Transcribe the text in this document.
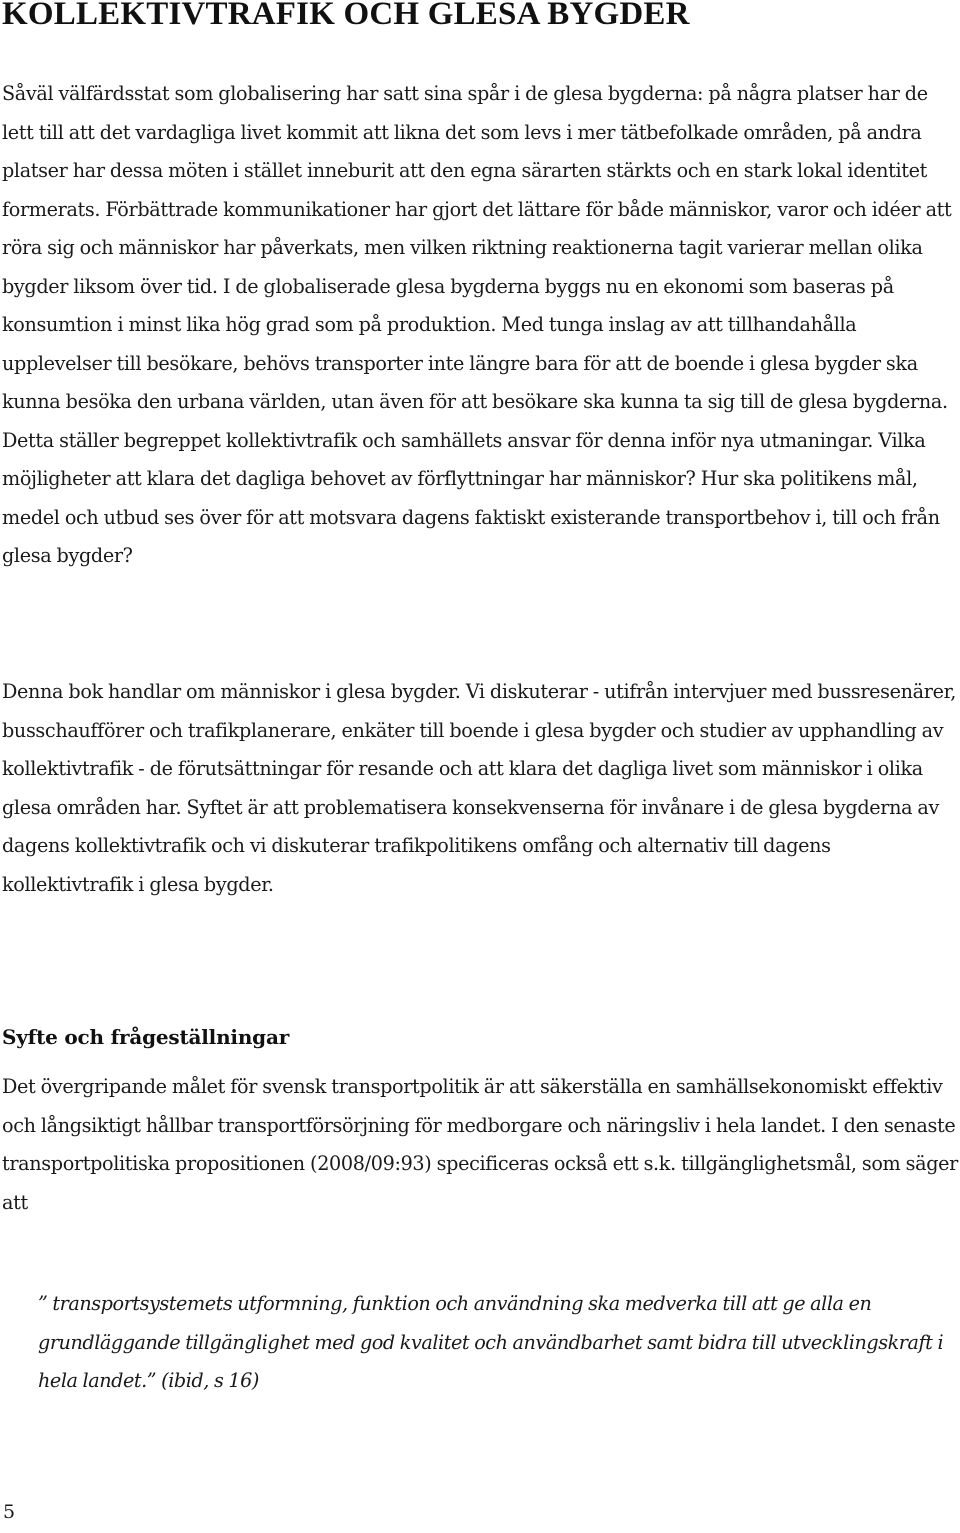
KOLLEKTIVTRAFIK OCH GLESA BYGDER

Såväl välfärdsstat som globalisering har satt sina spår i de glesa bygderna: på några platser har de lett till att det vardagliga livet kommit att likna det som levs i mer tätbefolkade områden, på andra platser har dessa möten i stället inneburit att den egna särarten stärkts och en stark lokal identitet formerats. Förbättrade kommunikationer har gjort det lättare för både människor, varor och idéer att röra sig och människor har påverkats, men vilken riktning reaktionerna tagit varierar mellan olika bygder liksom över tid. I de globaliserade glesa bygderna byggs nu en ekonomi som baseras på konsumtion i minst lika hög grad som på produktion. Med tunga inslag av att tillhandahålla upplevelser till besökare, behövs transporter inte längre bara för att de boende i glesa bygder ska kunna besöka den urbana världen, utan även för att besökare ska kunna ta sig till de glesa bygderna. Detta ställer begreppet kollektivtrafik och samhällets ansvar för denna inför nya utmaningar. Vilka möjligheter att klara det dagliga behovet av förflyttningar har människor? Hur ska politikens mål, medel och utbud ses över för att motsvara dagens faktiskt existerande transportbehov i, till och från glesa bygder?

Denna bok handlar om människor i glesa bygder. Vi diskuterar - utifrån intervjuer med bussresenärer, busschaufförer och trafikplanerare, enkäter till boende i glesa bygder och studier av upphandling av kollektivtrafik - de förutsättningar för resande och att klara det dagliga livet som människor i olika glesa områden har. Syftet är att problematisera konsekvenserna för invånare i de glesa bygderna av dagens kollektivtrafik och vi diskuterar trafikpolitikens omfång och alternativ till dagens kollektivtrafik i glesa bygder.

Syfte och frågeställningar

Det övergripande målet för svensk transportpolitik är att säkerställa en samhällsekonomiskt effektiv och långsiktigt hållbar transportförsörjning för medborgare och näringsliv i hela landet. I den senaste transportpolitiska propositionen (2008/09:93) specificeras också ett s.k. tillgänglighetsmål, som säger att

” transportsystemets utformning, funktion och användning ska medverka till att ge alla en grundläggande tillgänglighet med god kvalitet och användbarhet samt bidra till utvecklingskraft i hela landet.” (ibid, s 16)

5
